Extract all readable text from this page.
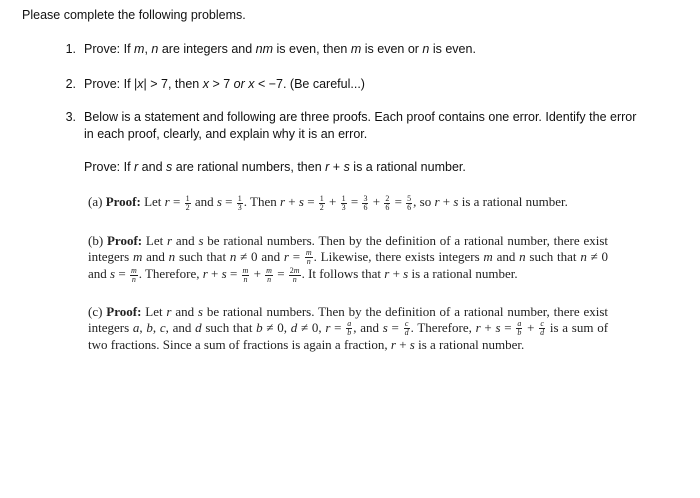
Please complete the following problems.
1. Prove: If m, n are integers and nm is even, then m is even or n is even.
2. Prove: If |x| > 7, then x > 7 or x < −7. (Be careful...)
3. Below is a statement and following are three proofs. Each proof contains one error. Identify the error in each proof, clearly, and explain why it is an error.
Prove: If r and s are rational numbers, then r + s is a rational number.
(a) Proof: Let $r = \frac{1}{2}$ and $s = \frac{1}{3}$ . Then $r + s = \frac{1}{2} + \frac{1}{3} = \frac{3}{6} + \frac{2}{6} = \frac{5}{6}$ , so r + s is a rational number.
(b) Proof: Let r and s be rational numbers. Then by the definition of a rational number, there exist integers m and n such that n ≠ 0 and $r = \frac{m}{n}$ . Likewise, there exists integers m and n such that n ≠ 0 and $s = \frac{m}{n}$ . Therefore, $r + s = \frac{m}{n} + \frac{m}{n} = \frac{2m}{n}$ . It follows that r + s is a rational number.
(c) Proof: Let r and s be rational numbers. Then by the definition of a rational number, there exist integers a, b, c, and d such that b ≠ 0, d ≠ 0, $r = \frac{a}{b}$ , and $s = \frac{c}{d}$ . Therefore, $r + s = \frac{a}{b} + \frac{c}{d}$ is a sum of two fractions. Since a sum of fractions is again a fraction, r + s is a rational number.
